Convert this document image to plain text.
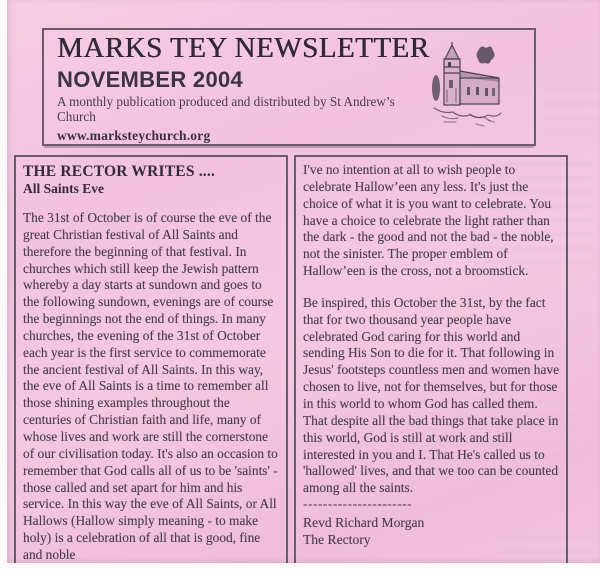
MARKS TEY NEWSLETTER
NOVEMBER 2004

A monthly publication produced and distributed by St Andrew’s Church

www.marksteychurch.org

THE RECTOR WRITES ....
All Saints Eve

The 31st of October is of course the eve of the great Christian festival of All Saints and therefore the beginning of that festival. In churches which still keep the Jewish pattern whereby a day starts at sundown and goes to the following sundown, evenings are of course the beginnings not the end of things. In many churches, the evening of the 31st of October each year is the first service to commemorate the ancient festival of All Saints. In this way, the eve of All Saints is a time to remember all those shining examples throughout the centuries of Christian faith and life, many of whose lives and work are still the cornerstone of our civilisation today. It's also an occasion to remember that God calls all of us to be 'saints' - those called and set apart for him and his service. In this way the eve of All Saints, or All Hallows (Hallow simply meaning - to make holy) is a celebration of all that is good, fine and noble

I've no intention at all to wish people to celebrate Hallow’een any less. It's just the choice of what it is you want to celebrate. You have a choice to celebrate the light rather than the dark - the good and not the bad - the noble, not the sinister. The proper emblem of Hallow’een is the cross, not a broomstick.

Be inspired, this October the 31st, by the fact that for two thousand year people have celebrated God caring for this world and sending His Son to die for it. That following in Jesus' footsteps countless men and women have chosen to live, not for themselves, but for those in this world to whom God has called them. That despite all the bad things that take place in this world, God is still at work and still interested in you and I. That He's called us to 'hallowed' lives, and that we too can be counted among all the saints.

----------------------

Revd Richard Morgan

The Rectory
